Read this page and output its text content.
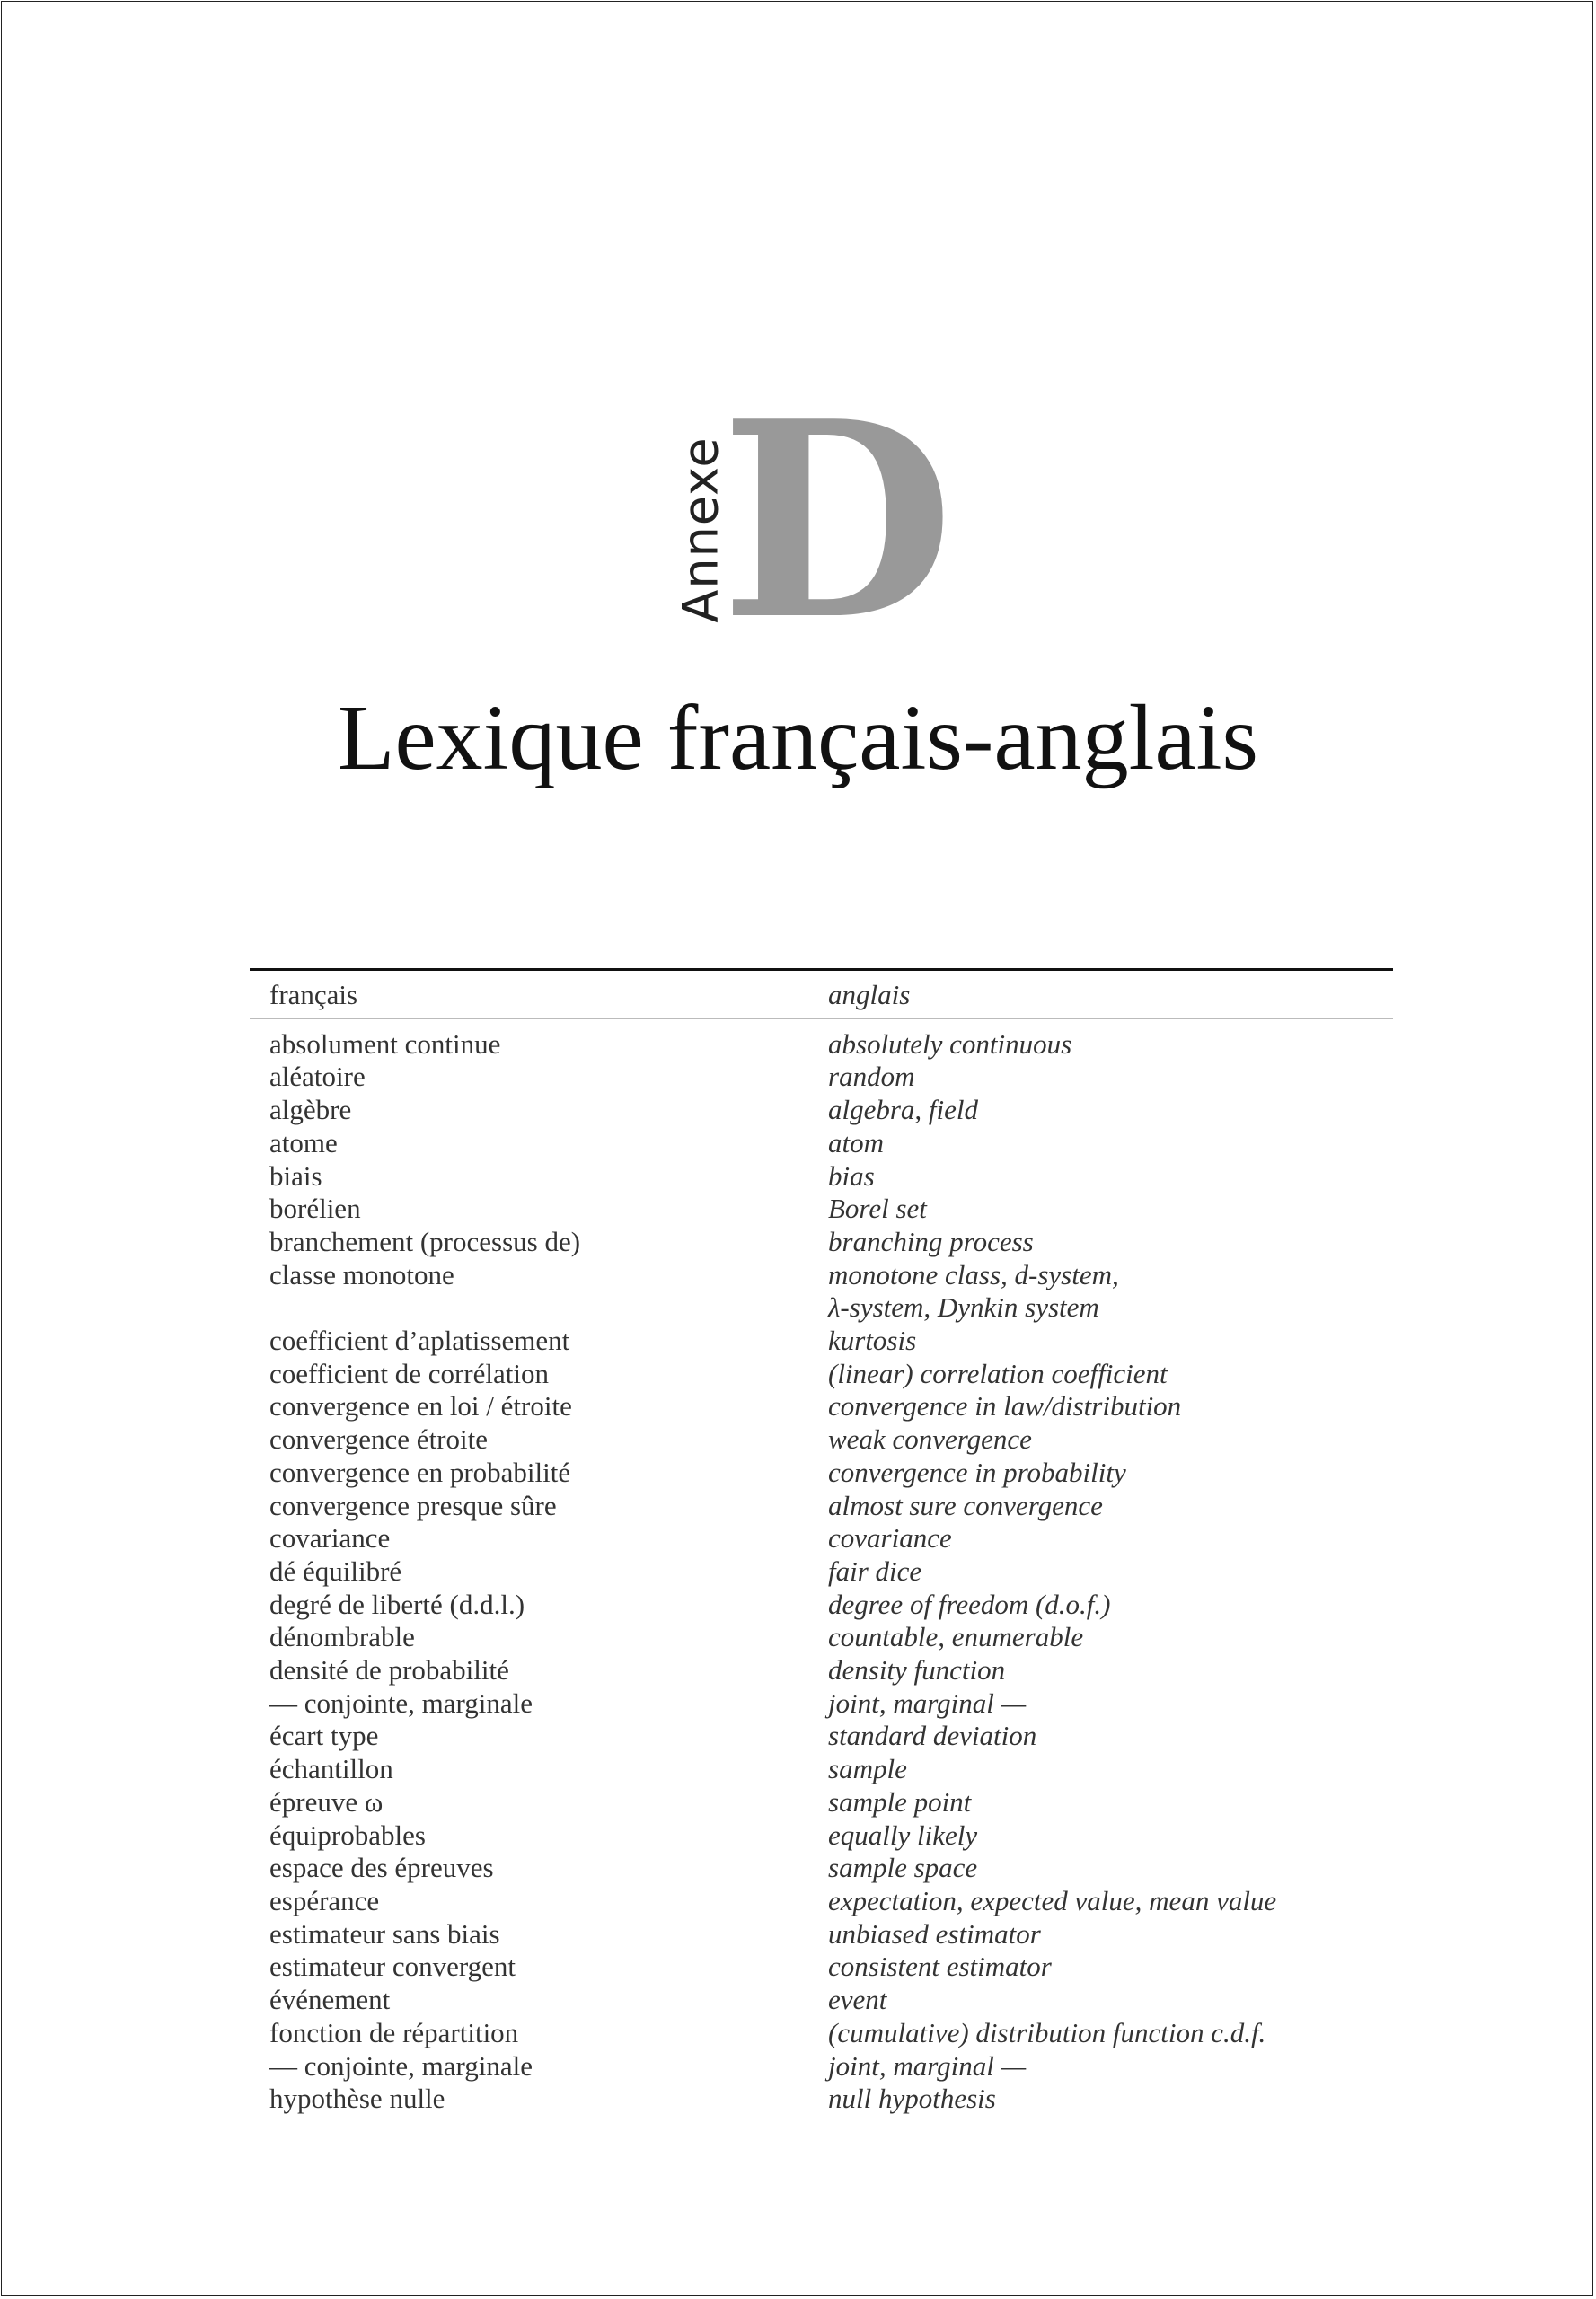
Annexe
D
Lexique français-anglais
français	anglais
absolument continue	absolutely continuous
aléatoire	random
algèbre	algebra, field
atome	atom
biais	bias
borélien	Borel set
branchement (processus de)	branching process
classe monotone	monotone class, d-system,
λ-system, Dynkin system
coefficient d’aplatissement	kurtosis
coefficient de corrélation	(linear) correlation coefficient
convergence en loi / étroite	convergence in law/distribution
convergence étroite	weak convergence
convergence en probabilité	convergence in probability
convergence presque sûre	almost sure convergence
covariance	covariance
dé équilibré	fair dice
degré de liberté (d.d.l.)	degree of freedom (d.o.f.)
dénombrable	countable, enumerable
densité de probabilité	density function
— conjointe, marginale	joint, marginal —
écart type	standard deviation
échantillon	sample
épreuve ω	sample point
équiprobables	equally likely
espace des épreuves	sample space
espérance	expectation, expected value, mean value
estimateur sans biais	unbiased estimator
estimateur convergent	consistent estimator
événement	event
fonction de répartition	(cumulative) distribution function c.d.f.
— conjointe, marginale	joint, marginal —
hypothèse nulle	null hypothesis
